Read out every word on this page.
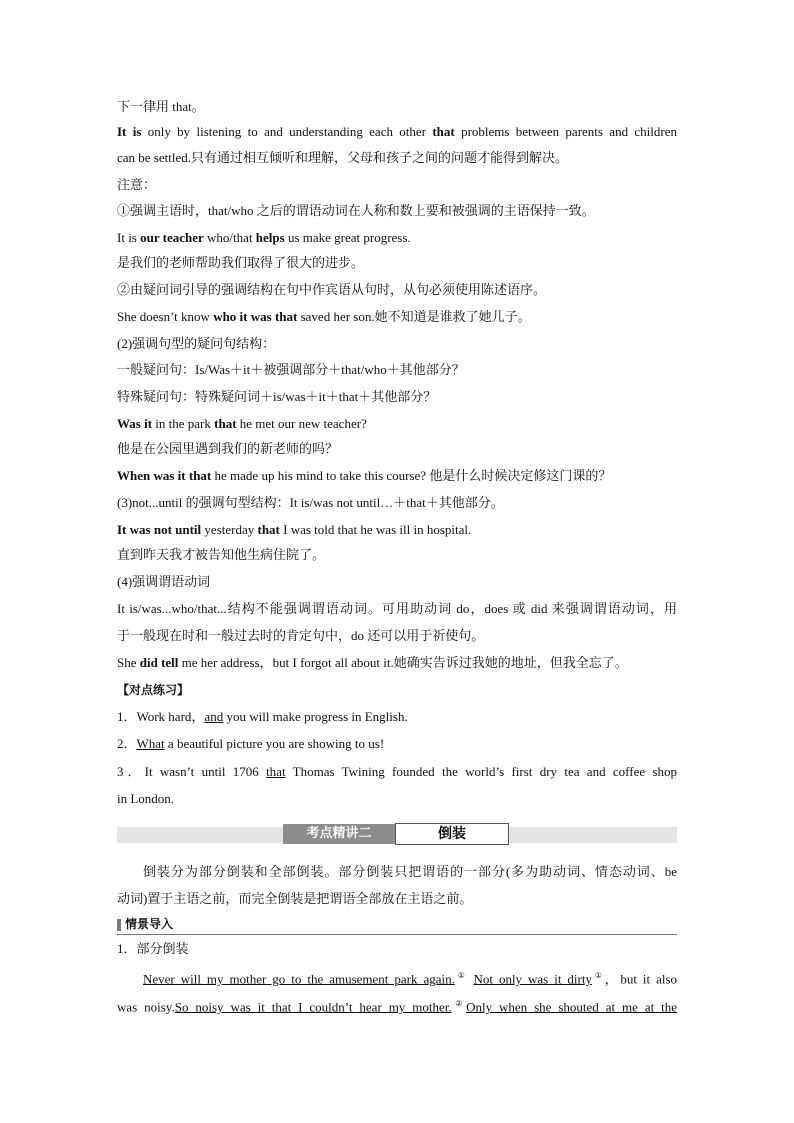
下一律用 that。
It is only by listening to and understanding each other that problems between parents and children
can be settled.只有通过相互倾听和理解，父母和孩子之间的问题才能得到解决。
注意：
①强调主语时，that/who 之后的谓语动词在人称和数上要和被强调的主语保持一致。
It is our teacher who/that helps us make great progress.
是我们的老师帮助我们取得了很大的进步。
②由疑问词引导的强调结构在句中作宾语从句时，从句必须使用陈述语序。
She doesn’t know who it was that saved her son.她不知道是谁救了她儿子。
(2)强调句型的疑问句结构：
一般疑问句：Is/Was＋it＋被强调部分＋that/who＋其他部分？
特殊疑问句：特殊疑问词＋is/was＋it＋that＋其他部分？
Was it in the park that he met our new teacher?
他是在公园里遇到我们的新老师的吗？
When was it that he made up his mind to take this course? 他是什么时候决定修这门课的？
(3)not...until 的强调句型结构：It is/was not until…＋that＋其他部分。
It was not until yesterday that I was told that he was ill in hospital.
直到昨天我才被告知他生病住院了。
(4)强调谓语动词
It is/was...who/that...结构不能强调谓语动词。可用助动词 do，does 或 did 来强调谓语动词，用
于一般现在时和一般过去时的肯定句中，do 还可以用于祈使句。
She did tell me her address，but I forgot all about it.她确实告诉过我她的地址，但我全忘了。
【对点练习】
1．Work hard，and you will make progress in English.
2．What a beautiful picture you are showing to us!
3．It wasn’t until 1706 that Thomas Twining founded the world’s first dry tea and coffee shop
in London.
考点精讲二	倒装
倒装分为部分倒装和全部倒装。部分倒装只把谓语的一部分(多为助动词、情态动词、be
动词)置于主语之前，而完全倒装是把谓语全部放在主语之前。
情景导入
1．部分倒装
Never will my mother go to the amusement park again.① Not only was it dirty①，but it also
was noisy.So noisy was it that I couldn’t hear my mother.②Only when she shouted at me at the
